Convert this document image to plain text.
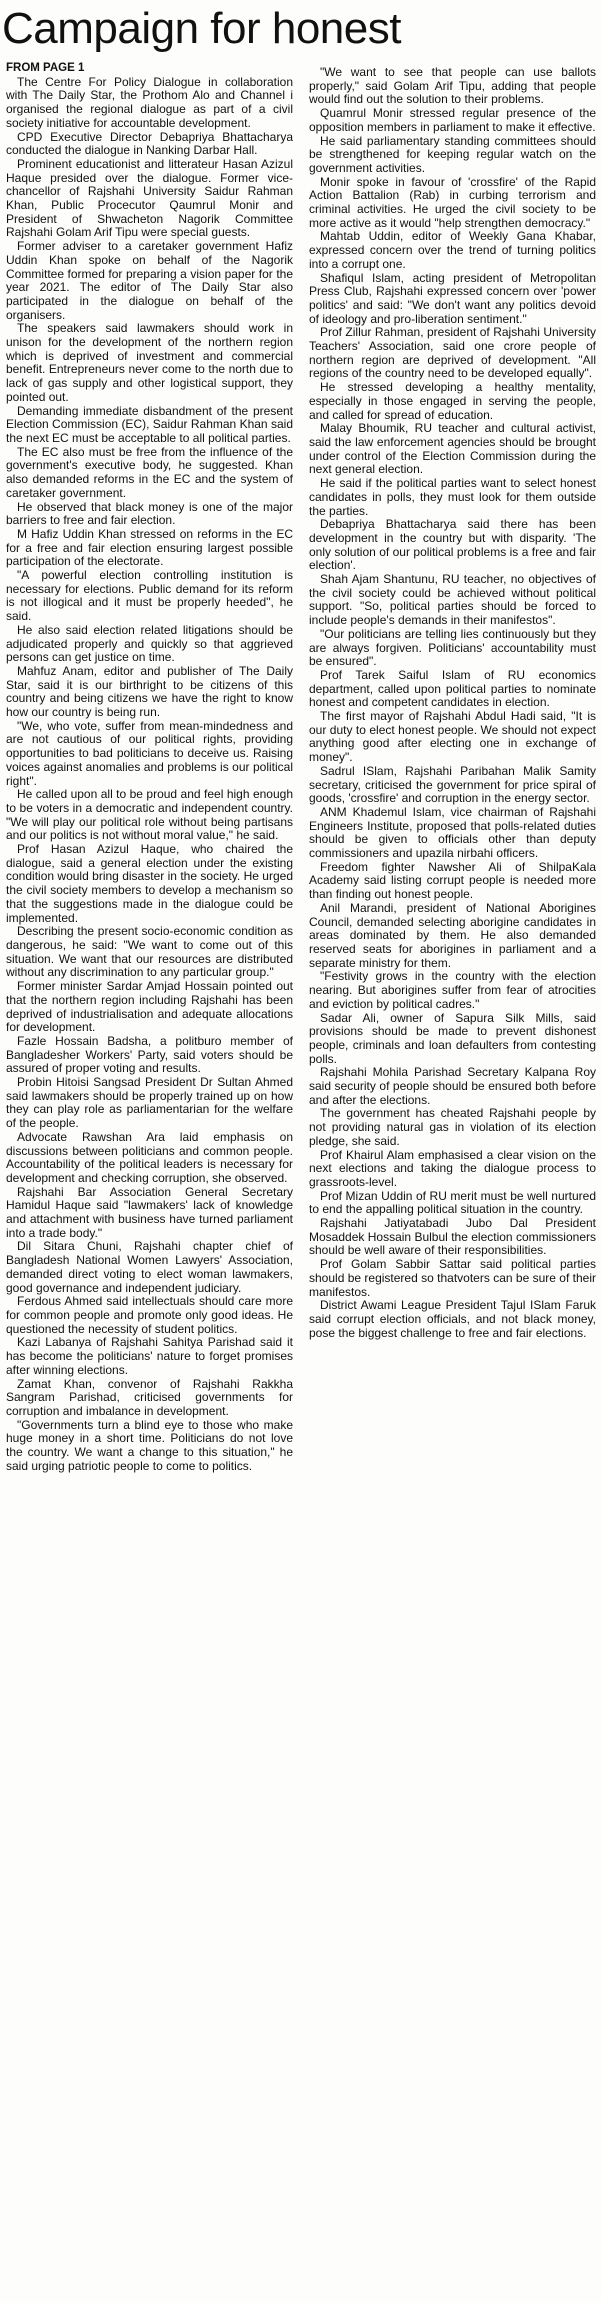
Campaign for honest

FROM PAGE 1

The Centre For Policy Dialogue in collaboration with The Daily Star, the Prothom Alo and Channel i organised the regional dialogue as part of a civil society initiative for accountable development.

CPD Executive Director Debapriya Bhattacharya conducted the dialogue in Nanking Darbar Hall.

Prominent educationist and litterateur Hasan Azizul Haque presided over the dialogue. Former vice-chancellor of Rajshahi University Saidur Rahman Khan, Public Procecutor Qaumrul Monir and President of Shwacheton Nagorik Committee Rajshahi Golam Arif Tipu were special guests.

Former adviser to a caretaker government Hafiz Uddin Khan spoke on behalf of the Nagorik Committee formed for preparing a vision paper for the year 2021. The editor of The Daily Star also participated in the dialogue on behalf of the organisers.

The speakers said lawmakers should work in unison for the development of the northern region which is deprived of investment and commercial benefit. Entrepreneurs never come to the north due to lack of gas supply and other logistical support, they pointed out.

Demanding immediate disbandment of the present Election Commission (EC), Saidur Rahman Khan said the next EC must be acceptable to all political parties.

The EC also must be free from the influence of the government's executive body, he suggested. Khan also demanded reforms in the EC and the system of caretaker government.

He observed that black money is one of the major barriers to free and fair election.

M Hafiz Uddin Khan stressed on reforms in the EC for a free and fair election ensuring largest possible participation of the electorate.

"A powerful election controlling institution is necessary for elections. Public demand for its reform is not illogical and it must be properly heeded", he said.

He also said election related litigations should be adjudicated properly and quickly so that aggrieved persons can get justice on time.

Mahfuz Anam, editor and publisher of The Daily Star, said it is our birthright to be citizens of this country and being citizens we have the right to know how our country is being run.

"We, who vote, suffer from mean-mindedness and are not cautious of our political rights, providing opportunities to bad politicians to deceive us. Raising voices against anomalies and problems is our political right".

He called upon all to be proud and feel high enough to be voters in a democratic and independent country. "We will play our political role without being partisans and our politics is not without moral value," he said.

Prof Hasan Azizul Haque, who chaired the dialogue, said a general election under the existing condition would bring disaster in the society. He urged the civil society members to develop a mechanism so that the suggestions made in the dialogue could be implemented.

Describing the present socio-economic condition as dangerous, he said: "We want to come out of this situation. We want that our resources are distributed without any discrimination to any particular group."

Former minister Sardar Amjad Hossain pointed out that the northern region including Rajshahi has been deprived of industrialisation and adequate allocations for development.

Fazle Hossain Badsha, a politburo member of Bangladesher Workers' Party, said voters should be assured of proper voting and results.

Probin Hitoisi Sangsad President Dr Sultan Ahmed said lawmakers should be properly trained up on how they can play role as parliamentarian for the welfare of the people.

Advocate Rawshan Ara laid emphasis on discussions between politicians and common people. Accountability of the political leaders is necessary for development and checking corruption, she observed.

Rajshahi Bar Association General Secretary Hamidul Haque said "lawmakers' lack of knowledge and attachment with business have turned parliament into a trade body."

Dil Sitara Chuni, Rajshahi chapter chief of Bangladesh National Women Lawyers' Association, demanded direct voting to elect woman lawmakers, good governance and independent judiciary.

Ferdous Ahmed said intellectuals should care more for common people and promote only good ideas. He questioned the necessity of student politics.

Kazi Labanya of Rajshahi Sahitya Parishad said it has become the politicians' nature to forget promises after winning elections.

Zamat Khan, convenor of Rajshahi Rakkha Sangram Parishad, criticised governments for corruption and imbalance in development.

"Governments turn a blind eye to those who make huge money in a short time. Politicians do not love the country. We want a change to this situation," he said urging patriotic people to come to politics.

"We want to see that people can use ballots properly," said Golam Arif Tipu, adding that people would find out the solution to their problems.

Quamrul Monir stressed regular presence of the opposition members in parliament to make it effective.

He said parliamentary standing committees should be strengthened for keeping regular watch on the government activities.

Monir spoke in favour of 'crossfire' of the Rapid Action Battalion (Rab) in curbing terrorism and criminal activities. He urged the civil society to be more active as it would "help strengthen democracy."

Mahtab Uddin, editor of Weekly Gana Khabar, expressed concern over the trend of turning politics into a corrupt one.

Shafiqul Islam, acting president of Metropolitan Press Club, Rajshahi expressed concern over 'power politics' and said: "We don't want any politics devoid of ideology and pro-liberation sentiment."

Prof Zillur Rahman, president of Rajshahi University Teachers' Association, said one crore people of northern region are deprived of development. "All regions of the country need to be developed equally".

He stressed developing a healthy mentality, especially in those engaged in serving the people, and called for spread of education.

Malay Bhoumik, RU teacher and cultural activist, said the law enforcement agencies should be brought under control of the Election Commission during the next general election.

He said if the political parties want to select honest candidates in polls, they must look for them outside the parties.

Debapriya Bhattacharya said there has been development in the country but with disparity. 'The only solution of our political problems is a free and fair election'.

Shah Ajam Shantunu, RU teacher, no objectives of the civil society could be achieved without political support. "So, political parties should be forced to include people's demands in their manifestos".

"Our politicians are telling lies continuously but they are always forgiven. Politicians' accountability must be ensured".

Prof Tarek Saiful Islam of RU economics department, called upon political parties to nominate honest and competent candidates in election.

The first mayor of Rajshahi Abdul Hadi said, "It is our duty to elect honest people. We should not expect anything good after electing one in exchange of money".

Sadrul ISlam, Rajshahi Paribahan Malik Samity secretary, criticised the government for price spiral of goods, 'crossfire' and corruption in the energy sector.

ANM Khademul Islam, vice chairman of Rajshahi Engineers Institute, proposed that polls-related duties should be given to officials other than deputy commissioners and upazila nirbahi officers.

Freedom fighter Nawsher Ali of ShilpaKala Academy said listing corrupt people is needed more than finding out honest people.

Anil Marandi, president of National Aborigines Council, demanded selecting aborigine candidates in areas dominated by them. He also demanded reserved seats for aborigines in parliament and a separate ministry for them.

"Festivity grows in the country with the election nearing. But aborigines suffer from fear of atrocities and eviction by political cadres."

Sadar Ali, owner of Sapura Silk Mills, said provisions should be made to prevent dishonest people, criminals and loan defaulters from contesting polls.

Rajshahi Mohila Parishad Secretary Kalpana Roy said security of people should be ensured both before and after the elections.

The government has cheated Rajshahi people by not providing natural gas in violation of its election pledge, she said.

Prof Khairul Alam emphasised a clear vision on the next elections and taking the dialogue process to grassroots-level.

Prof Mizan Uddin of RU merit must be well nurtured to end the appalling political situation in the country.

Rajshahi Jatiyatabadi Jubo Dal President Mosaddek Hossain Bulbul the election commissioners should be well aware of their responsibilities.

Prof Golam Sabbir Sattar said political parties should be registered so thatvoters can be sure of their manifestos.

District Awami League President Tajul ISlam Faruk said corrupt election officials, and not black money, pose the biggest challenge to free and fair elections.
